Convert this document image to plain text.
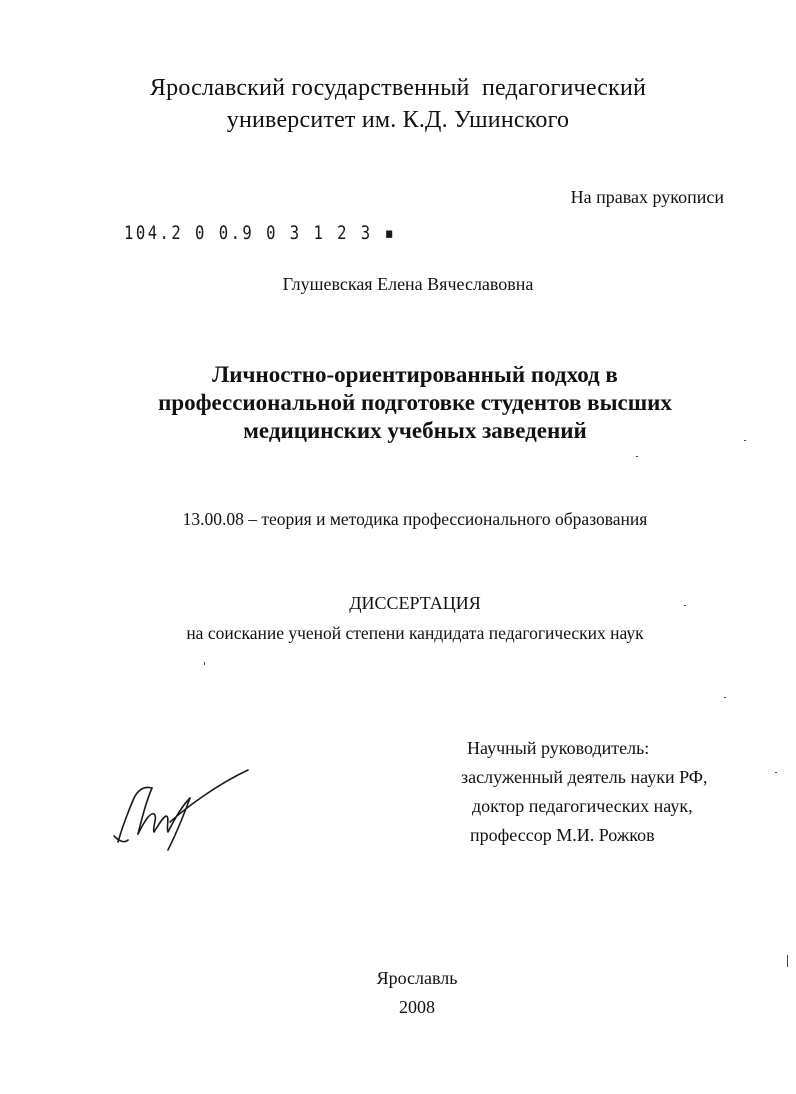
Ярославский государственный  педагогический
университет им. К.Д. Ушинского
На правах рукописи
104.2 0 0.9 0 3 1 2 3 ▪
Глушевская Елена Вячеславовна
Личностно-ориентированный подход в
профессиональной подготовке студентов высших
медицинских учебных заведений
13.00.08 – теория и методика профессионального образования
ДИССЕРТАЦИЯ
на соискание ученой степени кандидата педагогических наук
Научный руководитель:
заслуженный деятель науки РФ,
доктор педагогических наук,
профессор М.И. Рожков
Ярославль
2008
